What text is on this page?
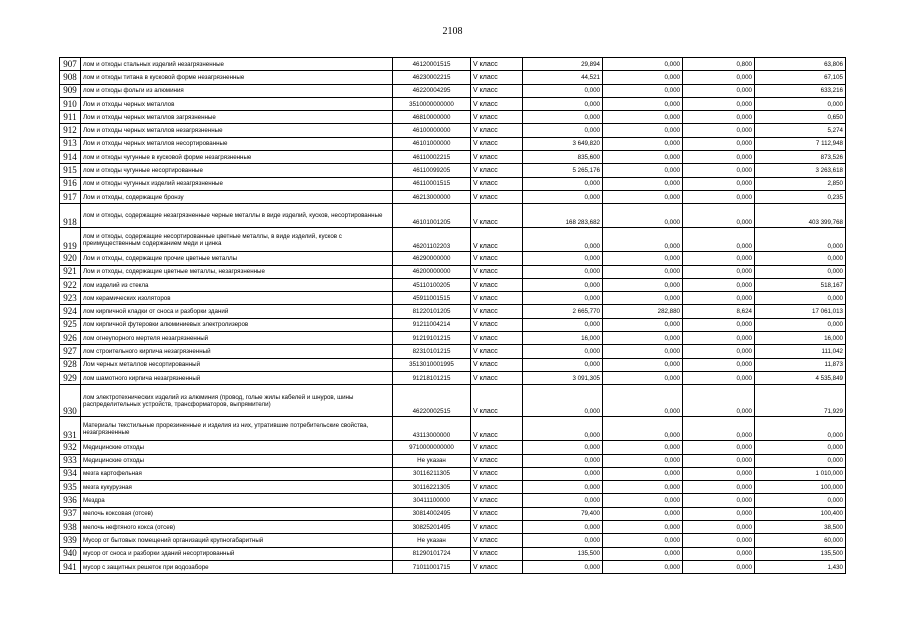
2108
907	лом и отходы стальных изделий незагрязненные	46120001515	V класс	29,894	0,000	0,800	63,806
908	лом и отходы титана в кусковой форме незагрязненные	46230002215	V класс	44,521	0,000	0,000	67,105
909	лом и отходы фольги из алюминия	46220004295	V класс	0,000	0,000	0,000	633,216
910	Лом и отходы черных металлов	3510000000000	V класс	0,000	0,000	0,000	0,000
911	Лом и отходы черных металлов загрязненные	46810000000	V класс	0,000	0,000	0,000	0,650
912	Лом и отходы черных металлов незагрязненные	46100000000	V класс	0,000	0,000	0,000	5,274
913	Лом и отходы черных металлов несортированные	46101000000	V класс	3 649,820	0,000	0,000	7 112,948
914	лом и отходы чугунные в кусковой форме незагрязненные	46110002215	V класс	835,600	0,000	0,000	873,526
915	лом и отходы чугунные несортированные	46110099205	V класс	5 265,176	0,000	0,000	3 263,618
916	лом и отходы чугунных изделий незагрязненные	46110001515	V класс	0,000	0,000	0,000	2,850
917	Лом и отходы, содержащие бронзу	46213000000	V класс	0,000	0,000	0,000	0,235
918	лом и отходы, содержащие незагрязненные черные металлы в виде изделий, кусков, несортированные	46101001205	V класс	168 283,682	0,000	0,000	403 399,768
919	лом и отходы, содержащие несортированные цветные металлы, в виде изделий, кусков с преимущественным содержанием меди и цинка	46201102203	V класс	0,000	0,000	0,000	0,000
920	Лом и отходы, содержащие прочие цветные металлы	46290000000	V класс	0,000	0,000	0,000	0,000
921	Лом и отходы, содержащие цветные металлы, незагрязненные	46200000000	V класс	0,000	0,000	0,000	0,000
922	лом изделий из стекла	45110100205	V класс	0,000	0,000	0,000	518,167
923	лом керамических изоляторов	45911001515	V класс	0,000	0,000	0,000	0,000
924	лом кирпичной кладки от сноса и разборки зданий	81220101205	V класс	2 665,770	282,880	8,624	17 061,013
925	лом кирпичной футеровки алюминиевых электролизеров	91211004214	V класс	0,000	0,000	0,000	0,000
926	лом огнеупорного мертеля незагрязненный	91219101215	V класс	16,000	0,000	0,000	16,000
927	лом строительного кирпича незагрязненный	82310101215	V класс	0,000	0,000	0,000	111,042
928	Лом черных металлов несортированный	3513010001995	V класс	0,000	0,000	0,000	11,873
929	лом шамотного кирпича незагрязненный	91218101215	V класс	3 091,305	0,000	0,000	4 535,849
930	лом электротехнических изделий из алюминия (провод, голые жилы кабелей и шнуров, шины распределительных устройств, трансформаторов, выпрямители)	46220002515	V класс	0,000	0,000	0,000	71,929
931	Материалы текстильные прорезиненные и изделия из них, утратившие потребительские свойства, незагрязненные	43113000000	V класс	0,000	0,000	0,000	0,000
932	Медицинские отходы	9710000000000	V класс	0,000	0,000	0,000	0,000
933	Медицинские отходы	Не указан	V класс	0,000	0,000	0,000	0,000
934	мезга картофельная	30116211305	V класс	0,000	0,000	0,000	1 010,000
935	мезга кукурузная	30116221305	V класс	0,000	0,000	0,000	100,000
936	Мездра	30411100000	V класс	0,000	0,000	0,000	0,000
937	мелочь коксовая (отсев)	30814002495	V класс	79,400	0,000	0,000	100,400
938	мелочь нефтяного кокса (отсев)	30825201495	V класс	0,000	0,000	0,000	38,500
939	Мусор от бытовых помещений организаций крупногабаритный	Не указан	V класс	0,000	0,000	0,000	60,000
940	мусор от сноса и разборки зданий несортированный	81290101724	V класс	135,500	0,000	0,000	135,500
941	мусор с защитных решеток при водозаборе	71011001715	V класс	0,000	0,000	0,000	1,430
